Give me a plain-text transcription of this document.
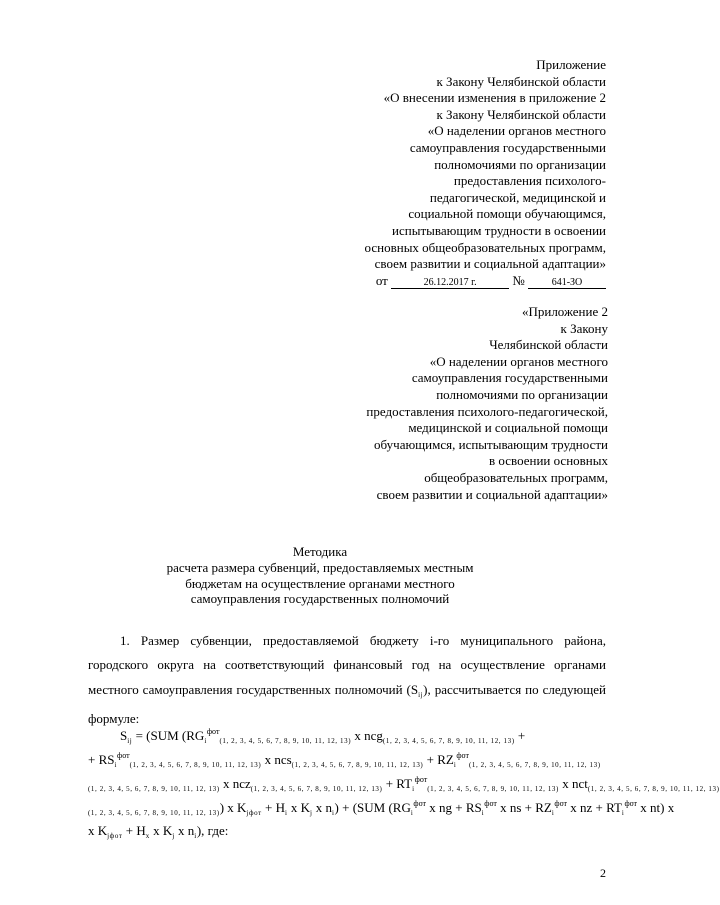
Приложение
к Закону Челябинской области
«О внесении изменения в приложение 2
к Закону Челябинской области
«О наделении органов местного
самоуправления государственными
полномочиями по организации
предоставления психолого-
педагогической, медицинской и
социальной помощи обучающимся,
испытывающим трудности в освоении
основных общеобразовательных программ,
своем развитии и социальной адаптации»
от	26.12.2017 г.	№	641-ЗО
«Приложение 2
к Закону
Челябинской области
«О наделении органов местного
самоуправления государственными
полномочиями по организации
предоставления психолого-педагогической,
медицинской и социальной помощи
обучающимся, испытывающим трудности
в освоении основных
общеобразовательных программ,
своем развитии и социальной адаптации»
Методика
расчета размера субвенций, предоставляемых местным
бюджетам на осуществление органами местного
самоуправления государственных полномочий
1. Размер субвенции, предоставляемой бюджету i-го муниципального района, городского округа на соответствующий финансовый год на осуществление органами местного самоуправления государственных полномочий $(S_{ij})$, рассчитывается по следующей формуле:
$S_{ij} = (SUM$ ($RG_i^{фот}_{(1, 2, 3, 4, 5, 6, 7, 8, 9, 10, 11, 12, 13)}$ x ncg$_{(1, 2, 3, 4, 5, 6, 7, 8, 9, 10, 11, 12, 13)}$ +
+ $RS_i^{фот}_{(1, 2, 3, 4, 5, 6, 7, 8, 9, 10, 11, 12, 13)}$ x $ncs_{(1, 2, 3, 4, 5, 6, 7, 8, 9, 10, 11, 12, 13)} + RZ_i^{фот}_{(1, 2, 3, 4, 5, 6, 7, 8, 9, 10, 11, 12, 13)}$
$_{(1, 2, 3, 4, 5, 6, 7, 8, 9, 10, 11, 12, 13)}$ x $ncz_{(1, 2, 3, 4, 5, 6, 7, 8, 9, 10, 11, 12, 13)} + RT_i^{фот}_{(1, 2, 3, 4, 5, 6, 7, 8, 9, 10, 11, 12, 13)}$ x nct$_{(1, 2, 3, 4, 5, 6, 7, 8, 9, 10, 11, 12, 13)}$
$_{(1, 2, 3, 4, 5, 6, 7, 8, 9, 10, 11, 12, 13)}$) x $K_{jфот} + H_i$ x $K_j$ x $n_i) + (SUM$ ($RG_i^{фот}$ x ng + $RS_i^{фот}$ x ns + $RZ_i^{фот}$ x nz + $RT_i^{фот}$ x nt) x
x $K_{jфот} + H_x$ x $K_j$ x $n_i$), где:
2
